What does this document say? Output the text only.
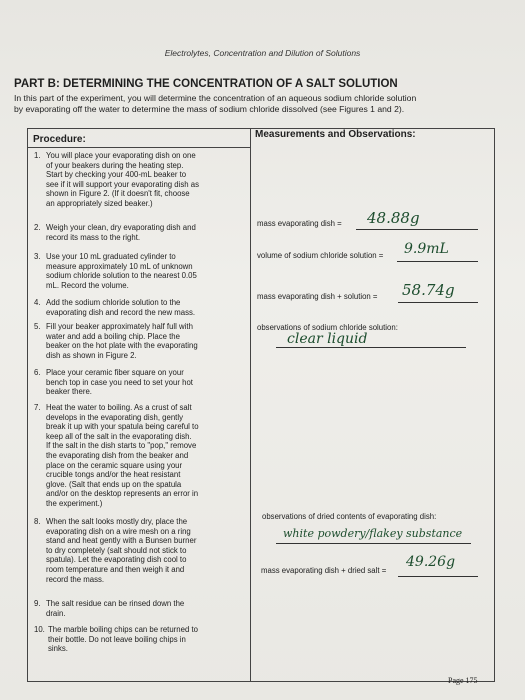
Electrolytes, Concentration and Dilution of Solutions
PART B: DETERMINING THE CONCENTRATION OF A SALT SOLUTION
In this part of the experiment, you will determine the concentration of an aqueous sodium chloride solution
by evaporating off the water to determine the mass of sodium chloride dissolved (see Figures 1 and 2).
Procedure:	Measurements and Observations:
1. You will place your evaporating dish on one
of your beakers during the heating step.
Start by checking your 400-mL beaker to
see if it will support your evaporating dish as
shown in Figure 2. (If it doesn't fit, choose
an appropriately sized beaker.)
2. Weigh your clean, dry evaporating dish and
record its mass to the right.
3. Use your 10 mL graduated cylinder to
measure approximately 10 mL of unknown
sodium chloride solution to the nearest 0.05
mL. Record the volume.
4. Add the sodium chloride solution to the
evaporating dish and record the new mass.
5. Fill your beaker approximately half full with
water and add a boiling chip. Place the
beaker on the hot plate with the evaporating
dish as shown in Figure 2.
6. Place your ceramic fiber square on your
bench top in case you need to set your hot
beaker there.
7. Heat the water to boiling. As a crust of salt
develops in the evaporating dish, gently
break it up with your spatula being careful to
keep all of the salt in the evaporating dish.
If the salt in the dish starts to "pop," remove
the evaporating dish from the beaker and
place on the ceramic square using your
crucible tongs and/or the heat resistant
glove. (Salt that ends up on the spatula
and/or on the desktop represents an error in
the experiment.)
8. When the salt looks mostly dry, place the
evaporating dish on a wire mesh on a ring
stand and heat gently with a Bunsen burner
to dry completely (salt should not stick to
spatula). Let the evaporating dish cool to
room temperature and then weigh it and
record the mass.
9. The salt residue can be rinsed down the
drain.
10. The marble boiling chips can be returned to
their bottle. Do not leave boiling chips in
sinks.
mass evaporating dish = 48.88g
volume of sodium chloride solution = 9.9mL
mass evaporating dish + solution = 58.74g
observations of sodium chloride solution:
clear liquid
observations of dried contents of evaporating dish:
white powdery/flakey substance
mass evaporating dish + dried salt =
49.26g
Page 175
